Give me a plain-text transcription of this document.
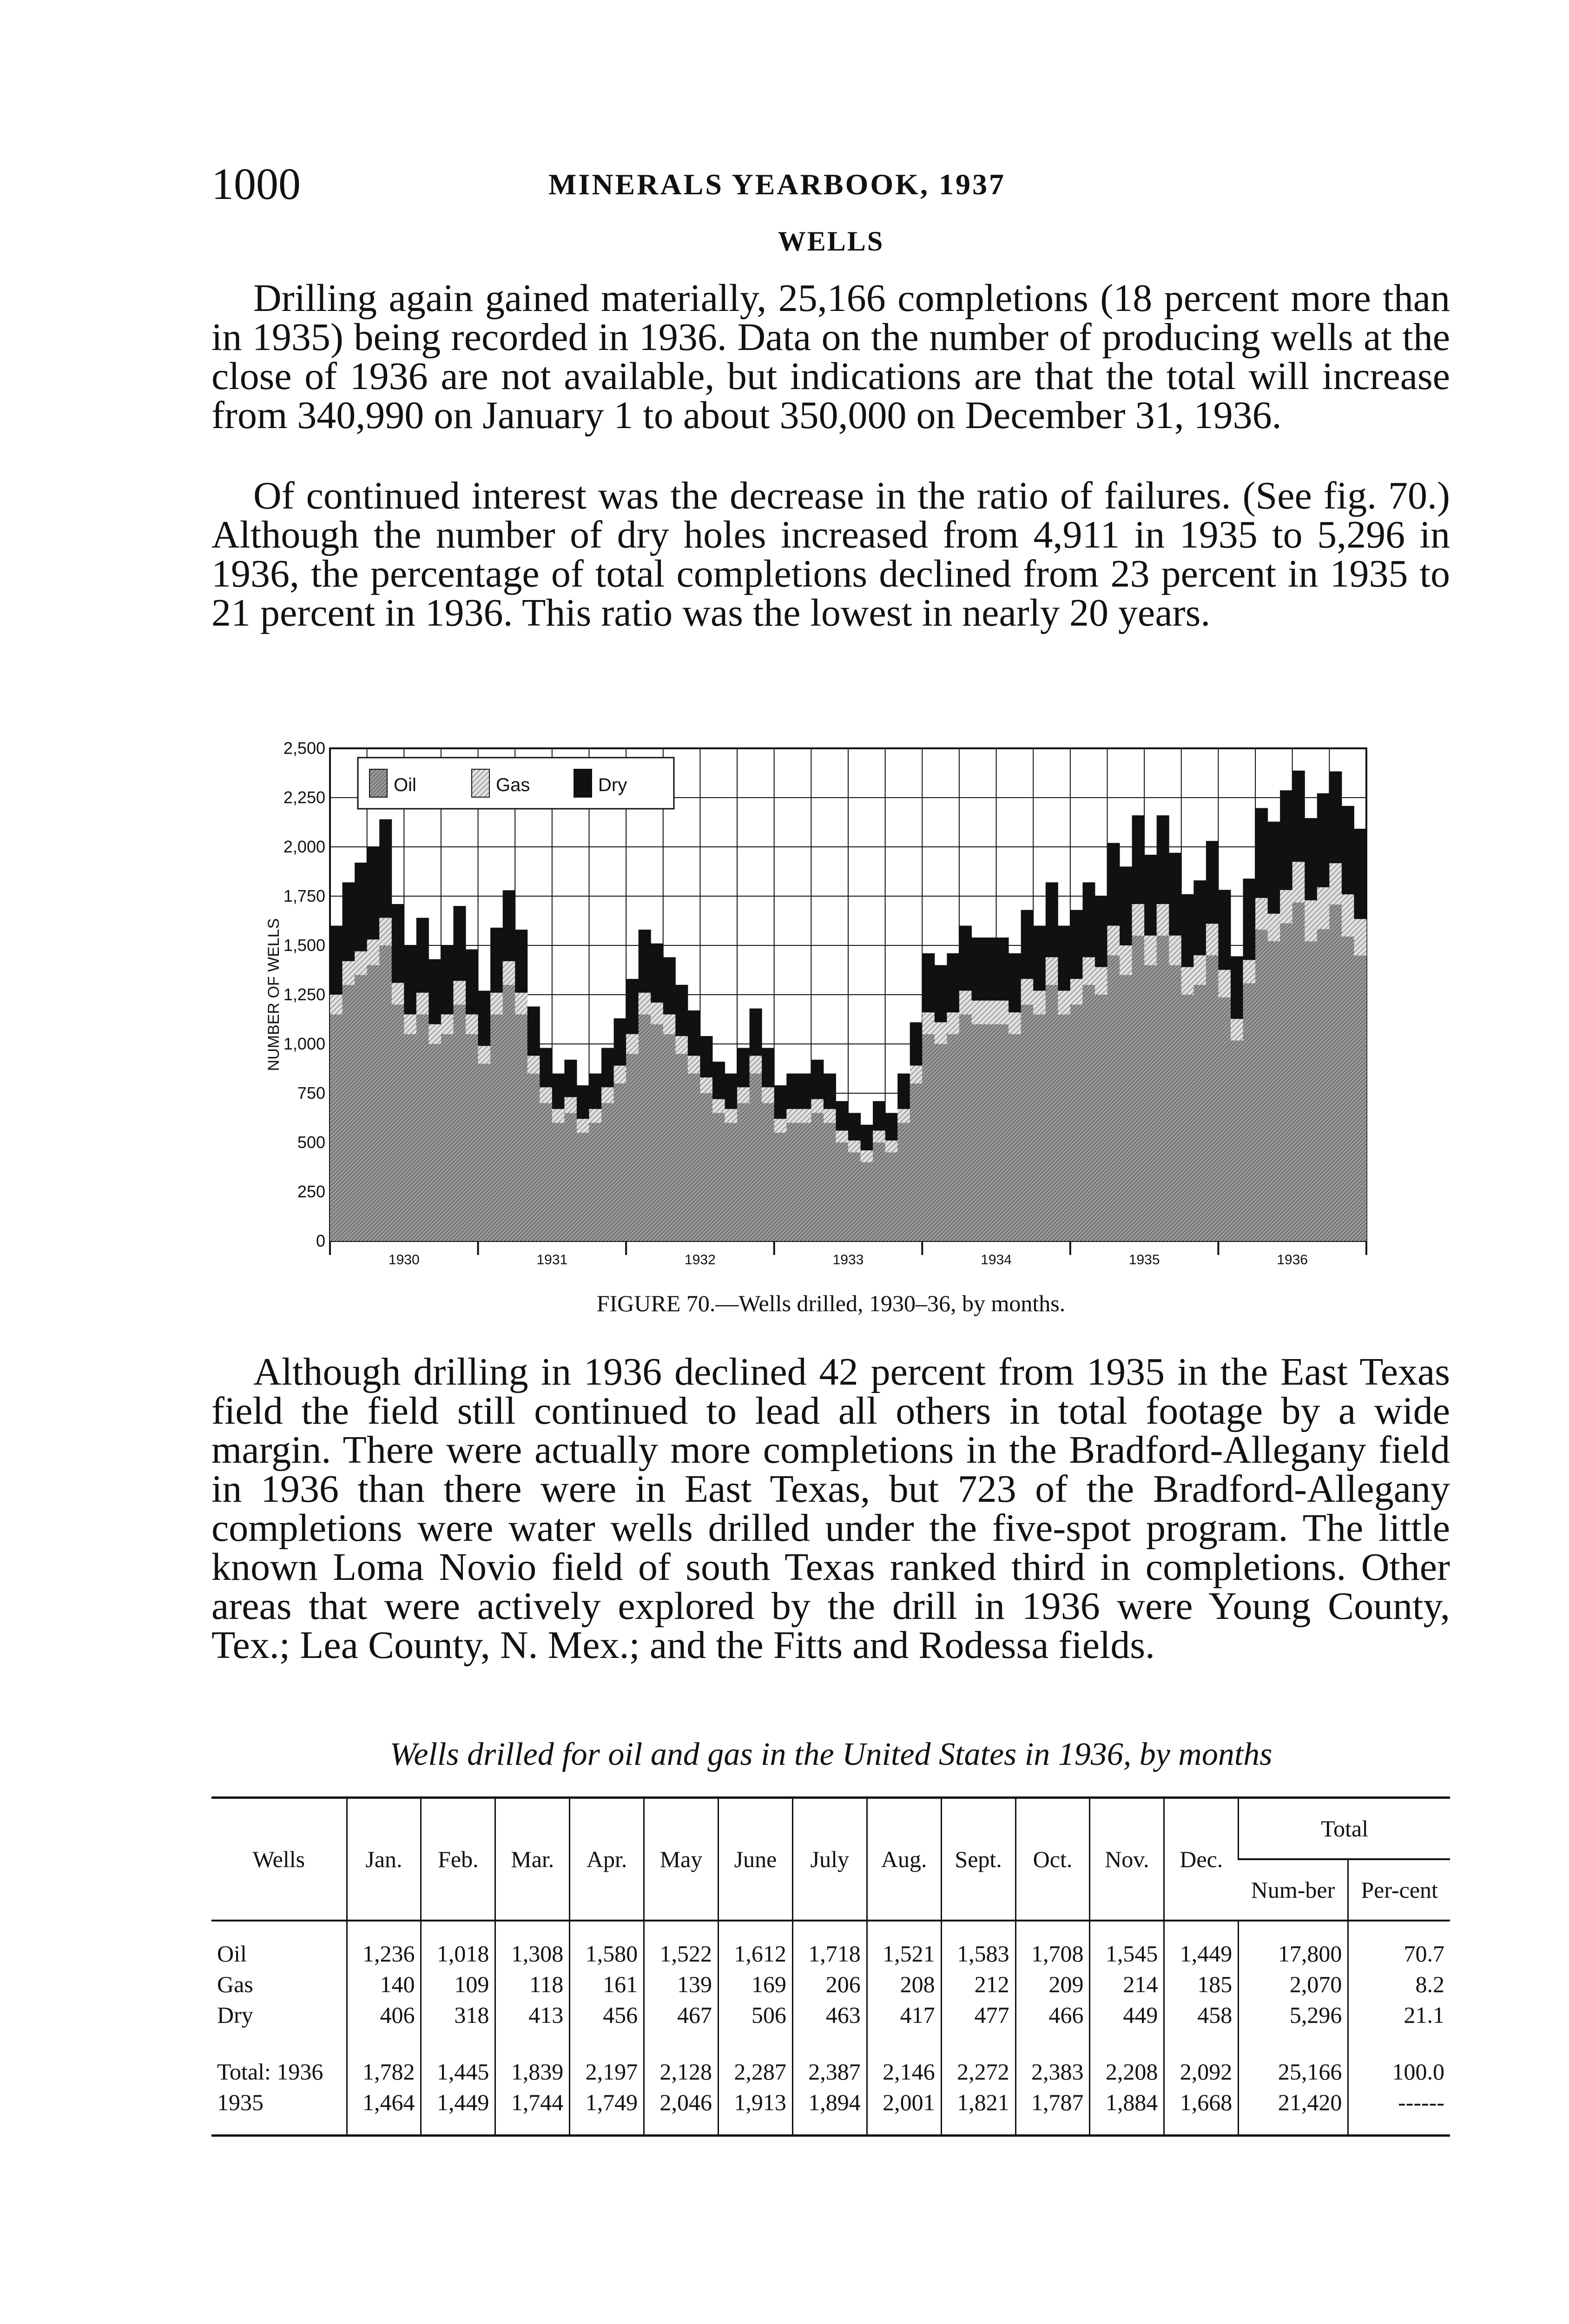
1000	MINERALS YEARBOOK, 1937
WELLS

Drilling again gained materially, 25,166 completions (18 percent more than in 1935) being recorded in 1936. Data on the number of producing wells at the close of 1936 are not available, but indications are that the total will increase from 340,990 on January 1 to about 350,000 on December 31, 1936.

Of continued interest was the decrease in the ratio of failures. (See fig. 70.) Although the number of dry holes increased from 4,911 in 1935 to 5,296 in 1936, the percentage of total completions declined from 23 percent in 1935 to 21 percent in 1936. This ratio was the lowest in nearly 20 years.

0
250
500
750
1,000
1,250
1,500
1,750
2,000
2,250
2,500
NUMBER OF WELLS
1930	1931	1932	1933	1934	1935	1936
Oil	Gas	Dry
FIGURE 70.—Wells drilled, 1930–36, by months.

Although drilling in 1936 declined 42 percent from 1935 in the East Texas field the field still continued to lead all others in total footage by a wide margin. There were actually more completions in the Bradford-Allegany field in 1936 than there were in East Texas, but 723 of the Bradford-Allegany completions were water wells drilled under the five-spot program. The little known Loma Novio field of south Texas ranked third in completions. Other areas that were actively explored by the drill in 1936 were Young County, Tex.; Lea County, N. Mex.; and the Fitts and Rodessa fields.

Wells drilled for oil and gas in the United States in 1936, by months
Wells	Jan.	Feb.	Mar.	Apr.	May	June	July	Aug.	Sept.	Oct.	Nov.	Dec.	Total	
													Num-ber	Per-cent
Oil	1,236	1,018	1,308	1,580	1,522	1,612	1,718	1,521	1,583	1,708	1,545	1,449	17,800	70.7
Gas	140	109	118	161	139	169	206	208	212	209	214	185	2,070	8.2
Dry	406	318	413	456	467	506	463	417	477	466	449	458	5,296	21.1
Total: 1936	1,782	1,445	1,839	2,197	2,128	2,287	2,387	2,146	2,272	2,383	2,208	2,092	25,166	100.0
1935	1,464	1,449	1,744	1,749	2,046	1,913	1,894	2,001	1,821	1,787	1,884	1,668	21,420	------
